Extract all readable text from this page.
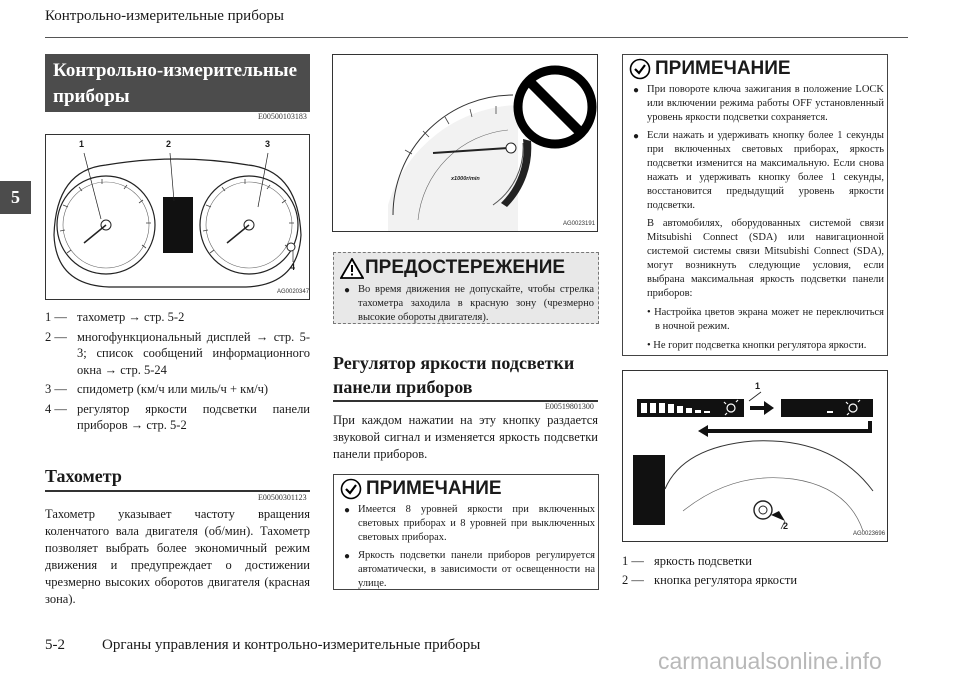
Контрольно-измерительные приборы
5
Контрольно-измерительные приборы
E00500103183
1	2	3
4
AG0020347
1 — тахометр → стр. 5-2
2 — многофункциональный дисплей → стр. 5-3; список сообщений информационного окна → стр. 5-24
3 — спидометр (км/ч или миль/ч + км/ч)
4 — регулятор яркости подсветки панели приборов → стр. 5-2
Тахометр
E00500301123
Тахометр указывает частоту вращения коленчатого вала двигателя (об/мин). Тахометр позволяет выбрать более экономичный режим движения и предупреждает о достижении чрезмерно высоких оборотов двигателя (красная зона).
x1000r/min
AG0023191
ПРЕДОСТЕРЕЖЕНИЕ
● Во время движения не допускайте, чтобы стрелка тахометра заходила в красную зону (чрезмерно высокие обороты двигателя).
Регулятор яркости подсветки панели приборов
E00519801300
При каждом нажатии на эту кнопку раздается звуковой сигнал и изменяется яркость подсветки панели приборов.
ПРИМЕЧАНИЕ
● Имеется 8 уровней яркости при включенных световых приборах и 8 уровней при выключенных световых приборах.
● Яркость подсветки панели приборов регулируется автоматически, в зависимости от освещенности на улице.
ПРИМЕЧАНИЕ
● При повороте ключа зажигания в положение LOCK или включении режима работы OFF установленный уровень яркости подсветки сохраняется.
● Если нажать и удерживать кнопку более 1 секунды при включенных световых приборах, яркость подсветки изменится на максимальную. Если снова нажать и удерживать кнопку более 1 секунды, восстановится предыдущий уровень яркости подсветки.
В автомобилях, оборудованных системой связи Mitsubishi Connect (SDA) или навигационной системой системы связи Mitsubishi Connect (SDA), могут возникнуть следующие условия, если выбрана максимальная яркость подсветки панели приборов:
• Настройка цветов экрана может не переключиться в ночной режим.
• Не горит подсветка кнопки регулятора яркости.
1
2
AG0023696
1 — яркость подсветки
2 — кнопка регулятора яркости
5-2 Органы управления и контрольно-измерительные приборы
carmanualsonline.info
